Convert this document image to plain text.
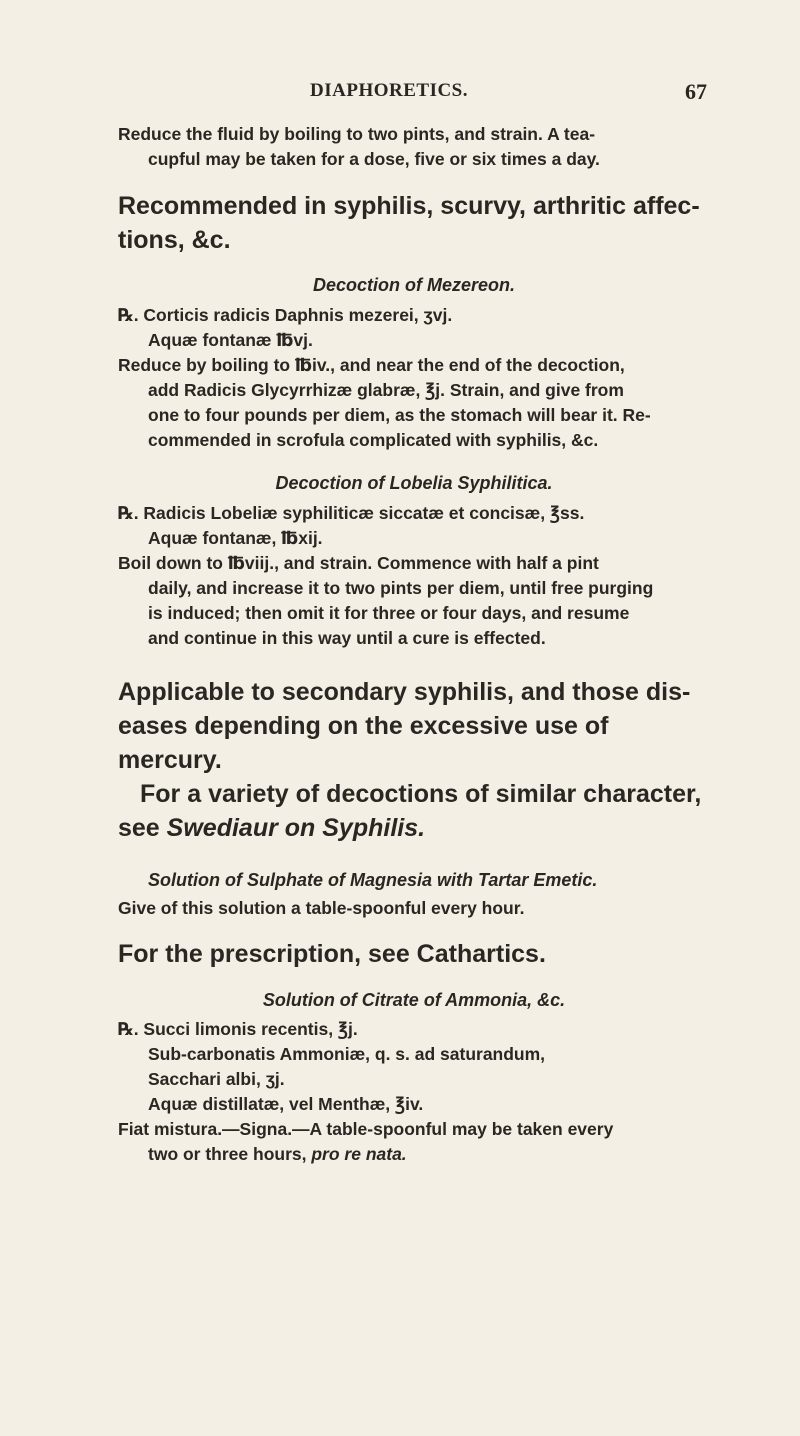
DIAPHORETICS.	67

Reduce the fluid by boiling to two pints, and strain. A tea-

cupful may be taken for a dose, five or six times a day.

Recommended in syphilis, scurvy, arthritic affec-

tions, &c.

Decoction of Mezereon.

℞. Corticis radicis Daphnis mezerei, ʒvj.

Aquæ fontanæ ℔vj.

Reduce by boiling to ℔iv., and near the end of the decoction,

add Radicis Glycyrrhizæ glabræ, ℥j. Strain, and give from

one to four pounds per diem, as the stomach will bear it. Re-

commended in scrofula complicated with syphilis, &c.

Decoction of Lobelia Syphilitica.

℞. Radicis Lobeliæ syphiliticæ siccatæ et concisæ, ℥ss.

Aquæ fontanæ, ℔xij.

Boil down to ℔viij., and strain. Commence with half a pint

daily, and increase it to two pints per diem, until free purging

is induced; then omit it for three or four days, and resume

and continue in this way until a cure is effected.

Applicable to secondary syphilis, and those dis-

eases depending on the excessive use of mercury.

For a variety of decoctions of similar character,

see Swediaur on Syphilis.

Solution of Sulphate of Magnesia with Tartar Emetic.

Give of this solution a table-spoonful every hour.

For the prescription, see Cathartics.

Solution of Citrate of Ammonia, &c.

℞. Succi limonis recentis, ℥j.

Sub-carbonatis Ammoniæ, q. s. ad saturandum,

Sacchari albi, ʒj.

Aquæ distillatæ, vel Menthæ, ℥iv.

Fiat mistura.—Signa.—A table-spoonful may be taken every

two or three hours, pro re nata.
